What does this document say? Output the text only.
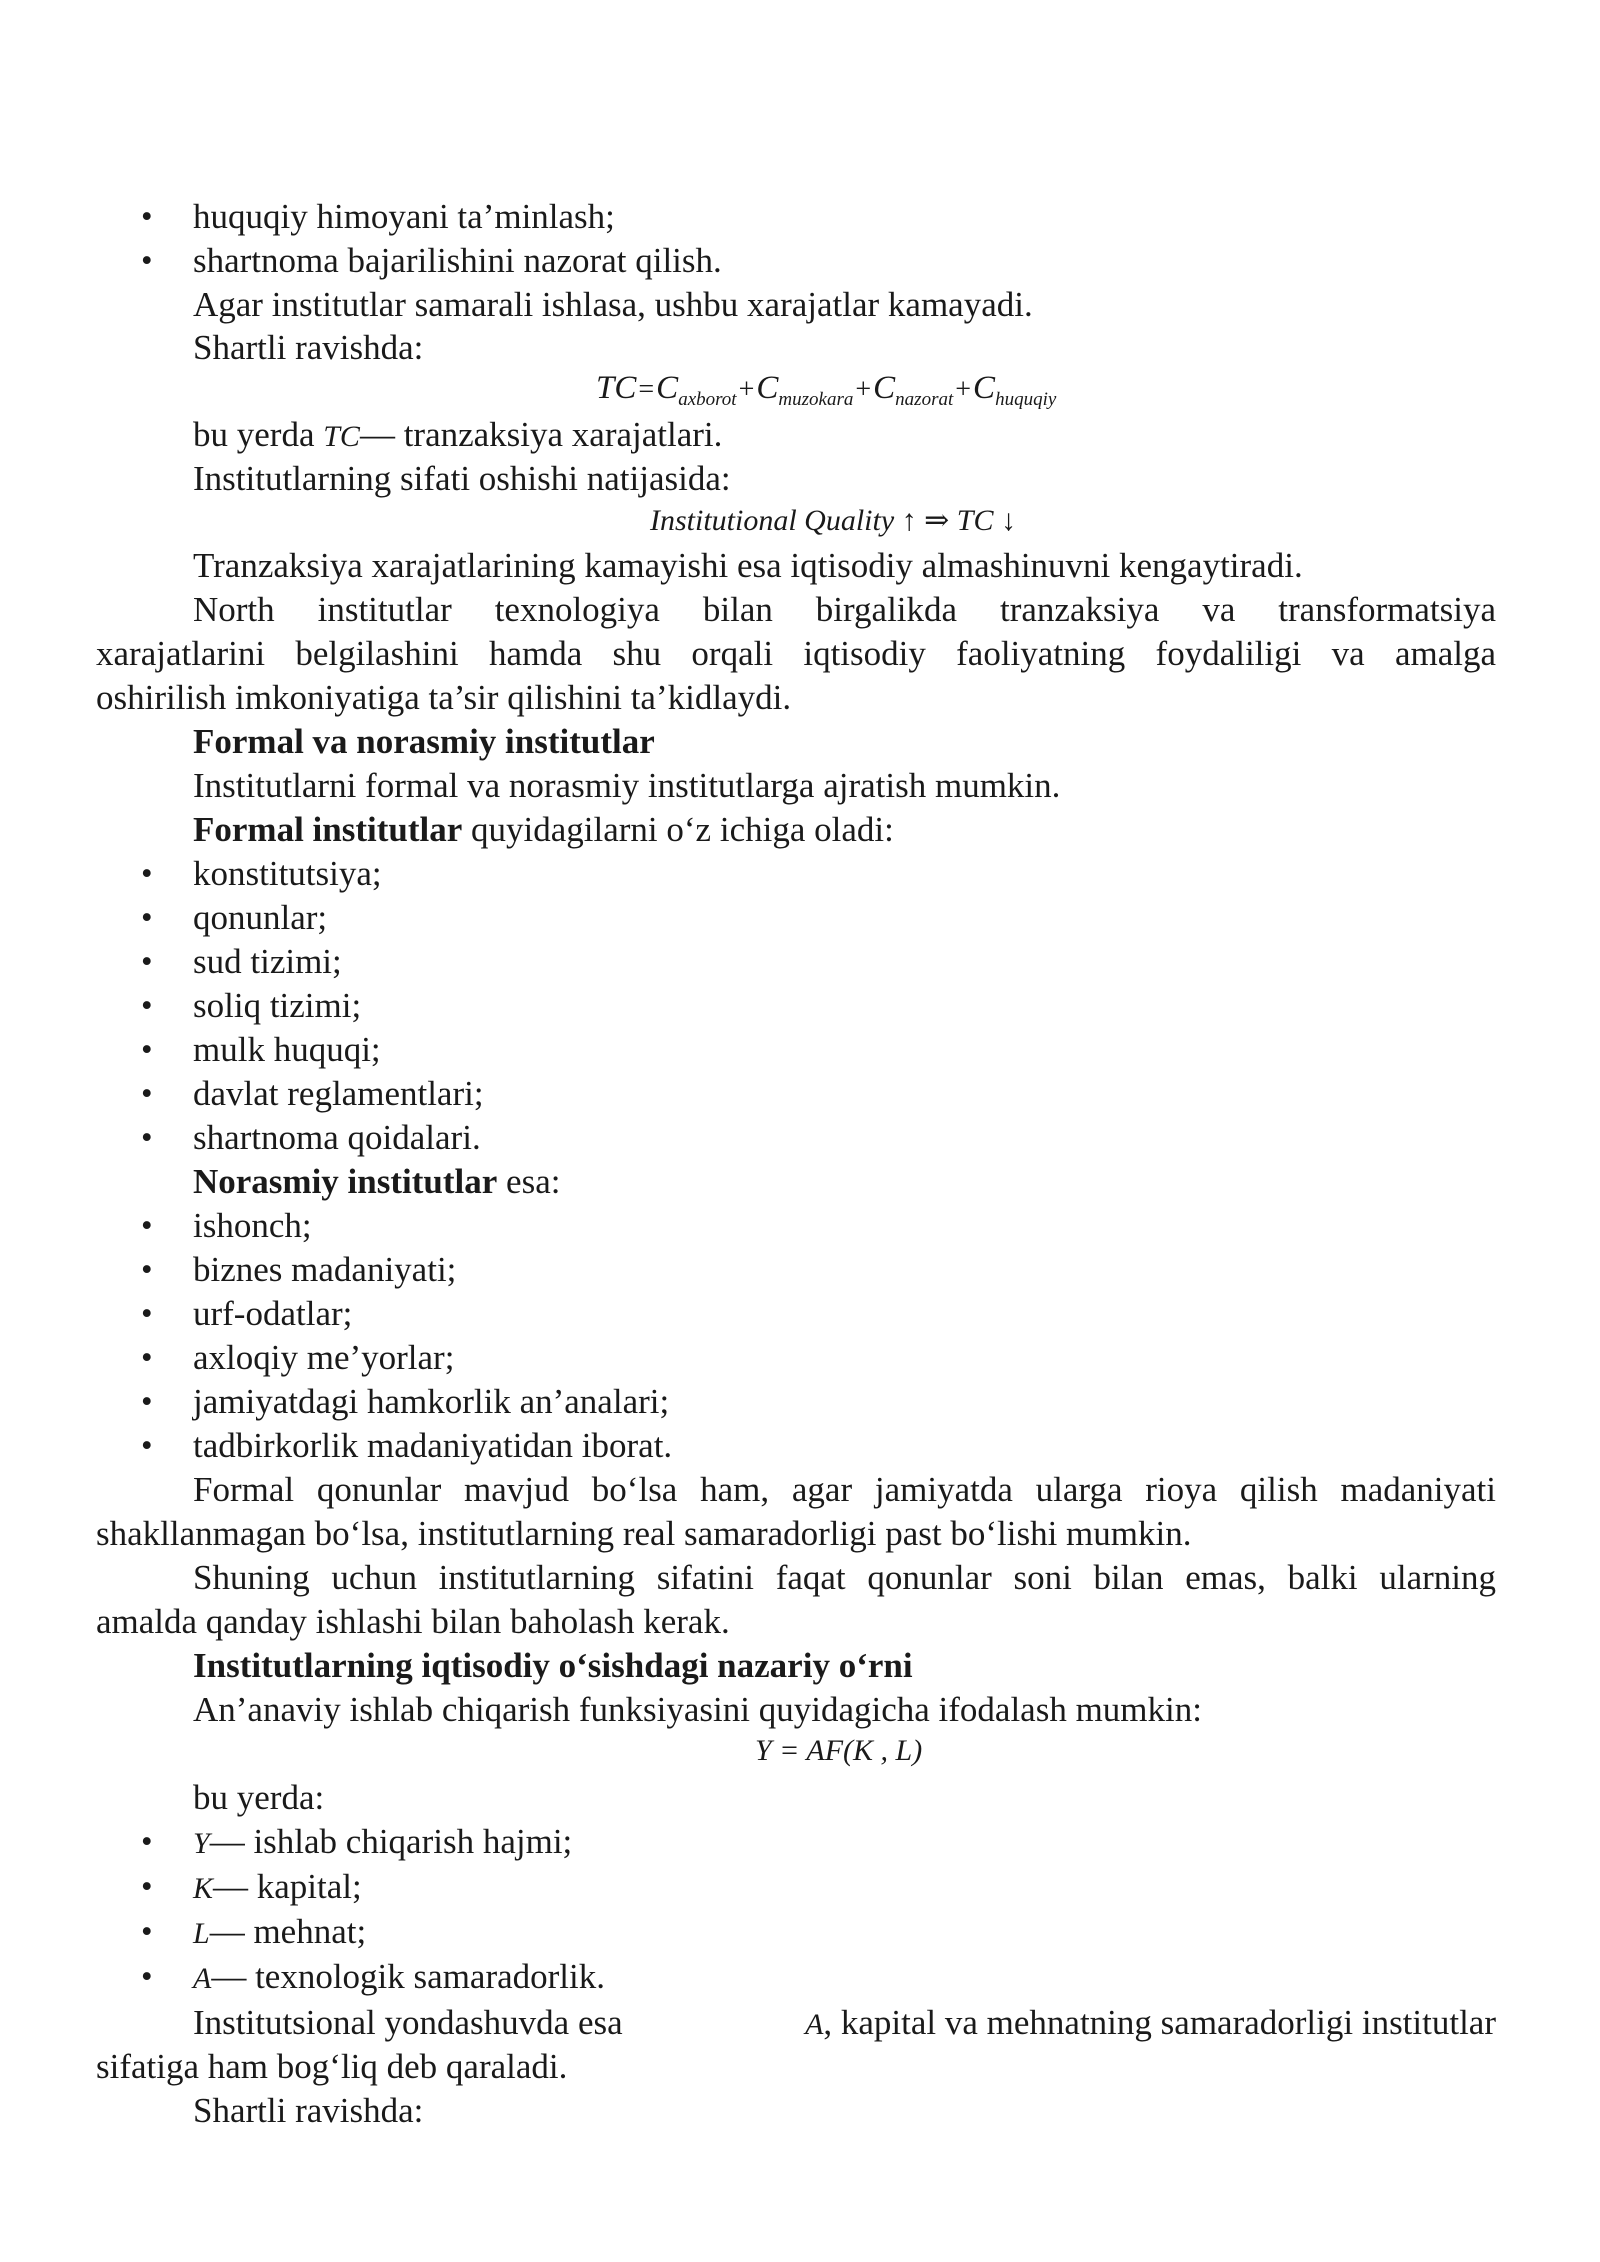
• huquqiy himoyani ta’minlash;
• shartnoma bajarilishini nazorat qilish.
Agar institutlar samarali ishlasa, ushbu xarajatlar kamayadi.
Shartli ravishda:
$TC=C_{axborot}+C_{muzokara}+C_{nazorat}+C_{huquqiy}$
bu yerda TC— tranzaksiya xarajatlari.
Institutlarning sifati oshishi natijasida:
Institutional Quality ↑ ⇒ TC ↓
Tranzaksiya xarajatlarining kamayishi esa iqtisodiy almashinuvni kengaytiradi.
North institutlar texnologiya bilan birgalikda tranzaksiya va transformatsiya
xarajatlarini belgilashini hamda shu orqali iqtisodiy faoliyatning foydaliligi va amalga
oshirilish imkoniyatiga ta’sir qilishini ta’kidlaydi.
Formal va norasmiy institutlar
Institutlarni formal va norasmiy institutlarga ajratish mumkin.
Formal institutlar quyidagilarni o‘z ichiga oladi:
• konstitutsiya;
• qonunlar;
• sud tizimi;
• soliq tizimi;
• mulk huquqi;
• davlat reglamentlari;
• shartnoma qoidalari.
Norasmiy institutlar esa:
• ishonch;
• biznes madaniyati;
• urf-odatlar;
• axloqiy me’yorlar;
• jamiyatdagi hamkorlik an’analari;
• tadbirkorlik madaniyatidan iborat.
Formal qonunlar mavjud bo‘lsa ham, agar jamiyatda ularga rioya qilish madaniyati
shakllanmagan bo‘lsa, institutlarning real samaradorligi past bo‘lishi mumkin.
Shuning uchun institutlarning sifatini faqat qonunlar soni bilan emas, balki ularning
amalda qanday ishlashi bilan baholash kerak.
Institutlarning iqtisodiy o‘sishdagi nazariy o‘rni
An’anaviy ishlab chiqarish funksiyasini quyidagicha ifodalash mumkin:
Y = AF(K , L)
bu yerda:
• Y— ishlab chiqarish hajmi;
• K— kapital;
• L— mehnat;
• A— texnologik samaradorlik.
Institutsional yondashuvda esa	A, kapital va mehnatning samaradorligi institutlar
sifatiga ham bog‘liq deb qaraladi.
Shartli ravishda:
